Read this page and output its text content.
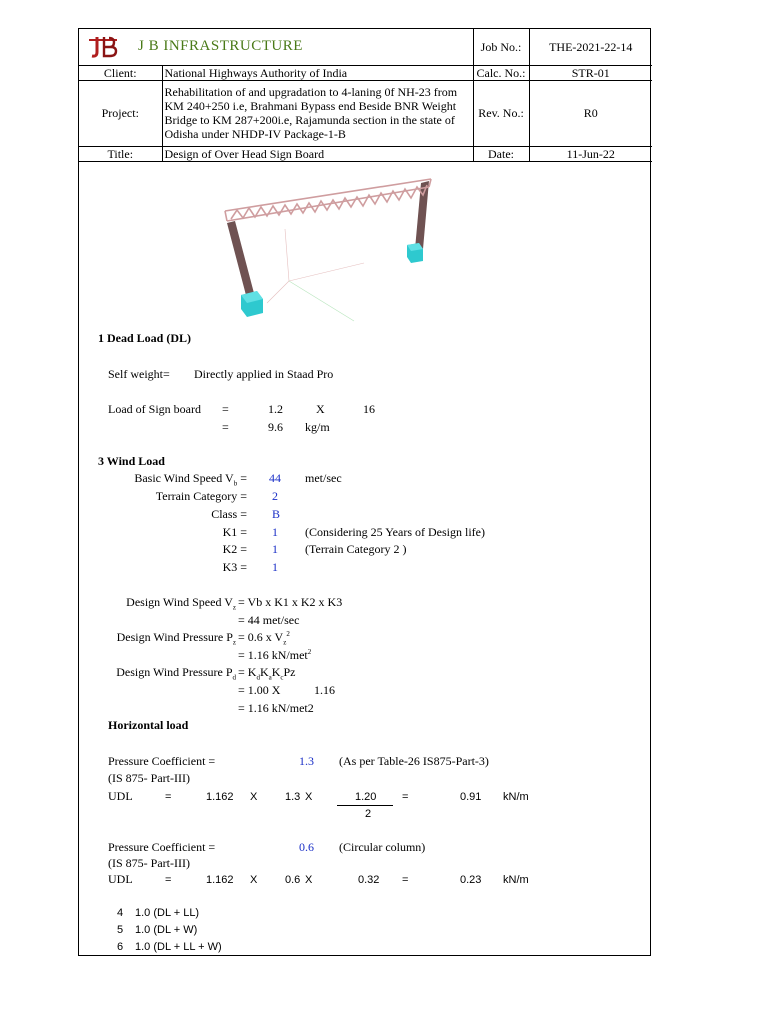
J B INFRASTRUCTURE		Job No.:	THE-2021-22-14
Client:	National Highways Authority of India	Calc. No.:	STR-01
Project:	Rehabilitation of and upgradation to 4-laning 0f NH-23 from KM 240+250 i.e, Brahmani Bypass end Beside BNR Weight Bridge to KM 287+200i.e, Rajamunda section in the state of Odisha under NHDP-IV Package-1-B	Rev. No.:	R0
Title:	Design of Over Head Sign Board	Date:	11-Jun-22
1 Dead Load (DL)
Self weight= Directly applied in Staad Pro
Load of Sign board =	1.2	X	16
=	9.6 kg/m
3 Wind Load
Basic Wind Speed $V_b = 44$ met/sec
Terrain Category = 2
Class = B
K1 = 1 (Considering 25 Years of Design life)
K2 = 1 (Terrain Category 2 )
K3 = 1
Design Wind Speed $V_z = Vb$ x K1 x K2 x K3
= 44 met/sec
Design Wind Pressure $P_z = 0.6$ x $V_z^2$
= 1.16 kN/met$^2$
Design Wind Pressure $P_d = K_dK_aK_cPz$
= 1.00 X	1.16
= 1.16 kN/met2
Horizontal load
Pressure Coefficient =	1.3 (As per Table-26 IS875-Part-3)
(IS 875- Part-III)
UDL	=	1.162 X	1.3 X	1.20
2
=	0.91 kN/m
Pressure Coefficient =	0.6 (Circular column)
(IS 875- Part-III)
UDL	=	1.162 X	0.6 X	0.32 =	0.23 kN/m
4 1.0 (DL + LL)
5 1.0 (DL + W)
6 1.0 (DL + LL + W)
